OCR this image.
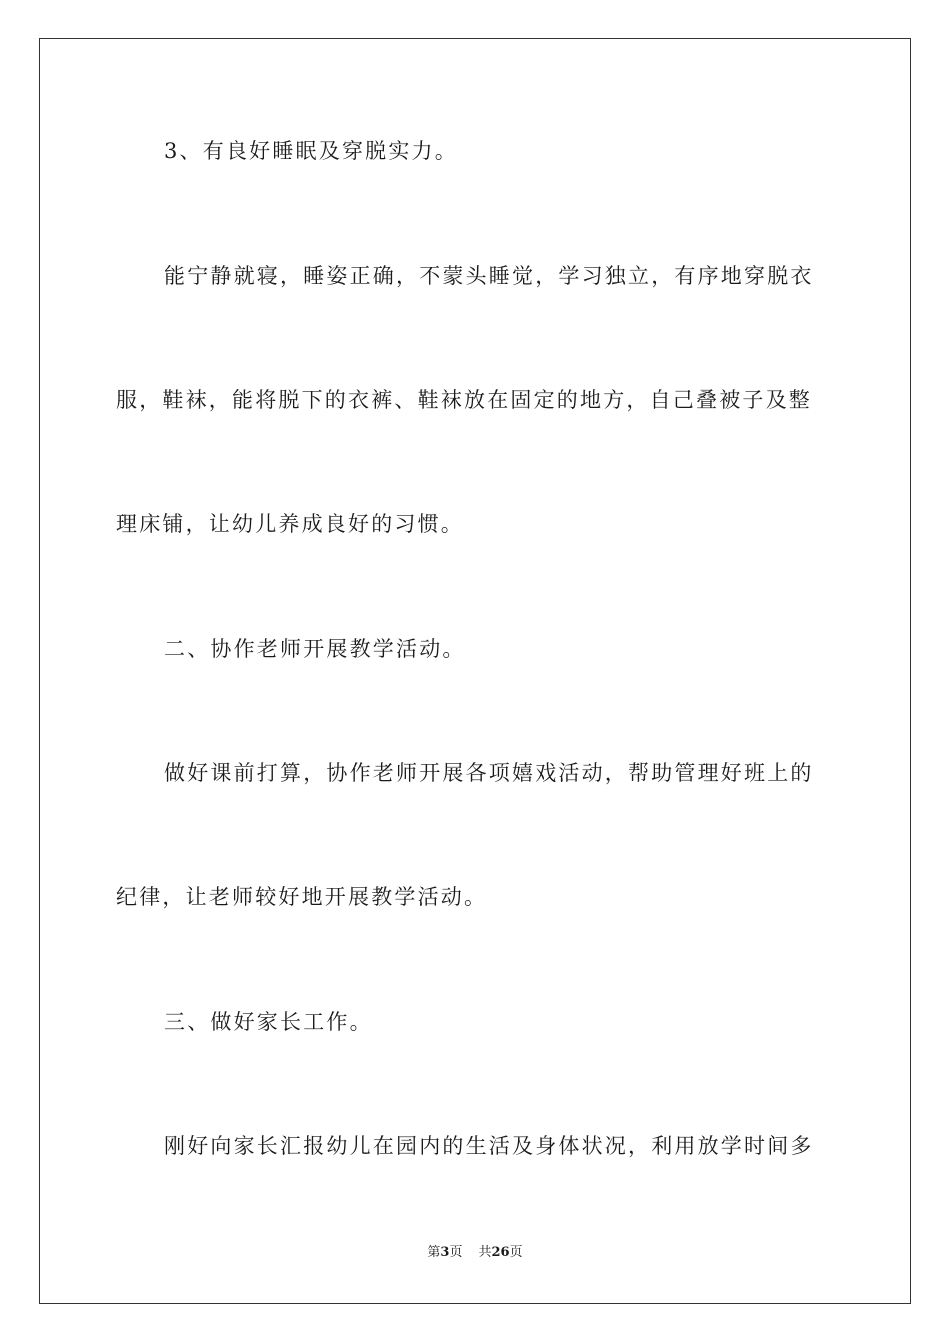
3、有良好睡眠及穿脱实力。
能宁静就寝，睡姿正确，不蒙头睡觉，学习独立，有序地穿脱衣
服，鞋袜，能将脱下的衣裤、鞋袜放在固定的地方，自己叠被子及整
理床铺，让幼儿养成良好的习惯。
二、协作老师开展教学活动。
做好课前打算，协作老师开展各项嬉戏活动，帮助管理好班上的
纪律，让老师较好地开展教学活动。
三、做好家长工作。
刚好向家长汇报幼儿在园内的生活及身体状况，利用放学时间多
第3页 共26页
